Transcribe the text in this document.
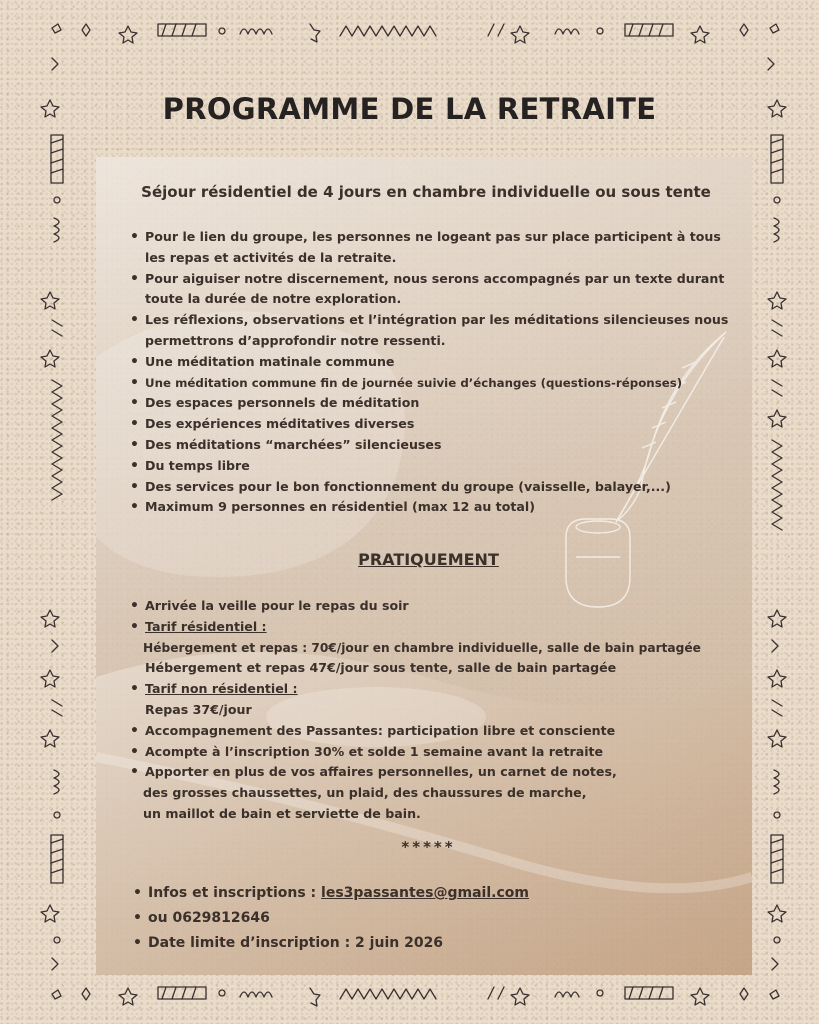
PROGRAMME DE LA RETRAITE
Séjour résidentiel de 4 jours en chambre individuelle ou sous tente
• Pour le lien du groupe, les personnes ne logeant pas sur place participent à tous les repas et activités de la retraite.
• Pour aiguiser notre discernement, nous serons accompagnés par un texte durant toute la durée de notre exploration.
• Les réflexions, observations et l’intégration par les méditations silencieuses nous permettrons d’approfondir notre ressenti.
• Une méditation matinale commune
• Une méditation commune fin de journée suivie d’échanges (questions-réponses)
• Des espaces personnels de méditation
• Des expériences méditatives diverses
• Des méditations “marchées” silencieuses
• Du temps libre
• Des services pour le bon fonctionnement du groupe (vaisselle, balayer,...)
• Maximum 9 personnes en résidentiel (max 12 au total)
PRATIQUEMENT
• Arrivée la veille pour le repas du soir
• Tarif résidentiel :
Hébergement et repas : 70€/jour en chambre individuelle, salle de bain partagée
Hébergement et repas 47€/jour sous tente, salle de bain partagée
• Tarif non résidentiel :
Repas 37€/jour
• Accompagnement des Passantes: participation libre et consciente
• Acompte à l’inscription 30% et solde 1 semaine avant la retraite
• Apporter en plus de vos affaires personnelles, un carnet de notes,
des grosses chaussettes, un plaid, des chaussures de marche,
un maillot de bain et serviette de bain.
*****
• Infos et inscriptions : les3passantes@gmail.com
• ou 0629812646
• Date limite d’inscription : 2 juin 2026
